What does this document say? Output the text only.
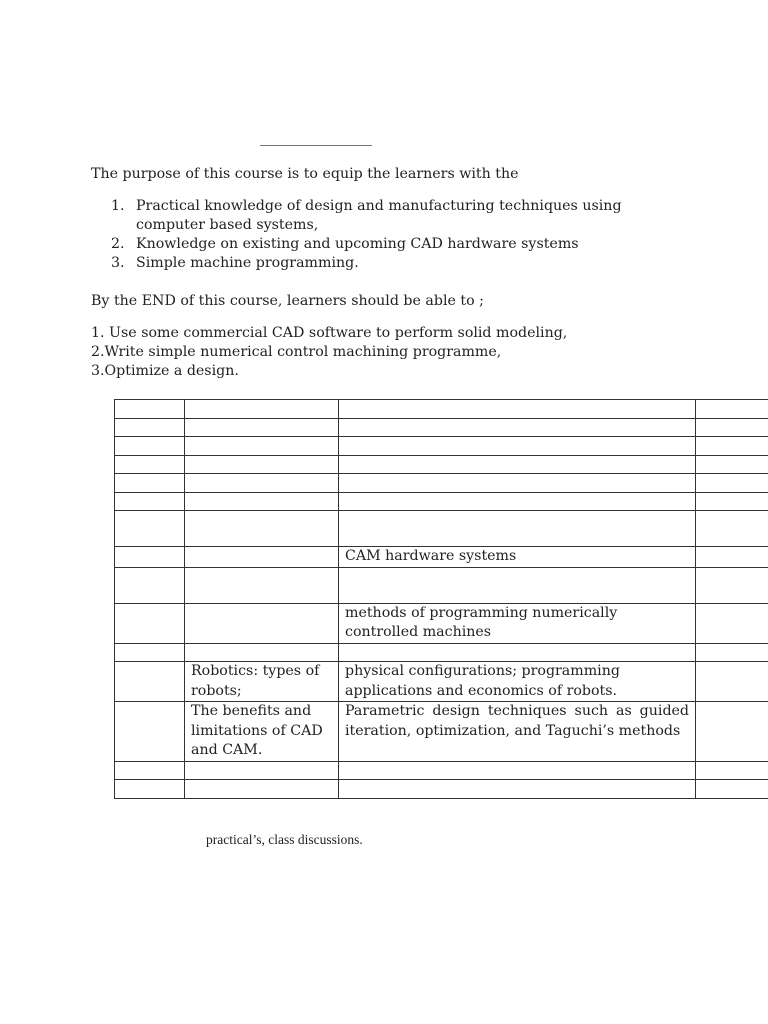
The purpose of this course is to equip the learners with the

1. Practical knowledge of design and manufacturing techniques using computer based systems,
2. Knowledge on existing and upcoming CAD hardware systems
3. Simple machine programming.

By the END of this course, learners should be able to ;

1. Use some commercial CAD software to perform solid modeling,
2.Write simple numerical control machining programme,
3.Optimize a design.

		CAM hardware systems	

		methods of programming numerically controlled machines	

	Robotics: types of robots;	physical configurations; programming applications and economics of robots.	
	The benefits and limitations of CAD and CAM.	Parametric design techniques such as guided iteration, optimization, and Taguchi’s methods	

practical’s, class discussions.
